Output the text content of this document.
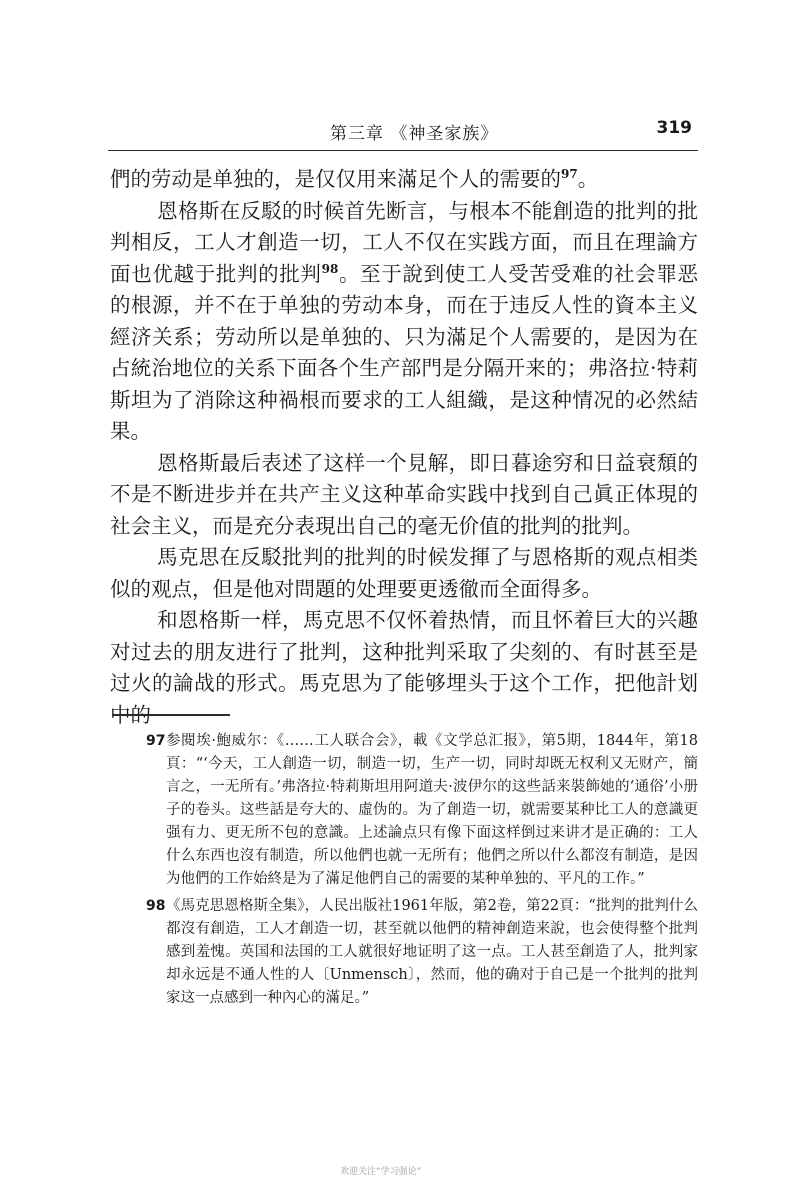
第三章 《神圣家族》	319

們的劳动是单独的，是仅仅用来滿足个人的需要的$^{97}$。

恩格斯在反駁的时候首先断言，与根本不能創造的批判的批判相反，工人才創造一切，工人不仅在实践方面，而且在理論方面也优越于批判的批判$^{98}$。至于說到使工人受苦受难的社会罪恶的根源，并不在于单独的劳动本身，而在于违反人性的資本主义經济关系；劳动所以是单独的、只为滿足个人需要的，是因为在占統治地位的关系下面各个生产部門是分隔开来的；弗洛拉·特莉斯坦为了消除这种禍根而要求的工人組織，是这种情况的必然結果。

恩格斯最后表述了这样一个見解，即日暮途穷和日益衰頹的不是不断进步并在共产主义这种革命实践中找到自己眞正体現的社会主义，而是充分表現出自己的毫无价值的批判的批判。

馬克思在反駁批判的批判的时候发揮了与恩格斯的观点相类似的观点，但是他对問題的处理要更透徹而全面得多。

和恩格斯一样，馬克思不仅怀着热情，而且怀着巨大的兴趣对过去的朋友进行了批判，这种批判采取了尖刻的、有时甚至是过火的論战的形式。馬克思为了能够埋头于这个工作，把他計划中的

97 参閱埃·鮑威尔：《……工人联合会》，載《文学总汇报》，第5期，1844年，第18頁：“‘今天，工人創造一切，制造一切，生产一切，同时却既无权利又无财产，簡言之，一无所有。’弗洛拉·特莉斯坦用阿道夫·波伊尔的这些話来裝飾她的‘通俗’小册子的卷头。这些話是夸大的、虛伪的。为了創造一切，就需要某种比工人的意識更强有力、更无所不包的意識。上述論点只有像下面这样倒过来讲才是正确的：工人什么东西也沒有制造，所以他們也就一无所有；他們之所以什么都沒有制造，是因为他們的工作始終是为了滿足他們自己的需要的某种单独的、平凡的工作。”
98 《馬克思恩格斯全集》，人民出版社1961年版，第2卷，第22頁：“批判的批判什么都沒有創造，工人才創造一切，甚至就以他們的精神創造来說，也会使得整个批判感到羞愧。英国和法国的工人就很好地证明了这一点。工人甚至創造了人，批判家却永远是不通人性的人〔Unmensch〕，然而，他的确对于自己是一个批判的批判家这一点感到一种內心的滿足。”
欢迎关注“学习强论”
